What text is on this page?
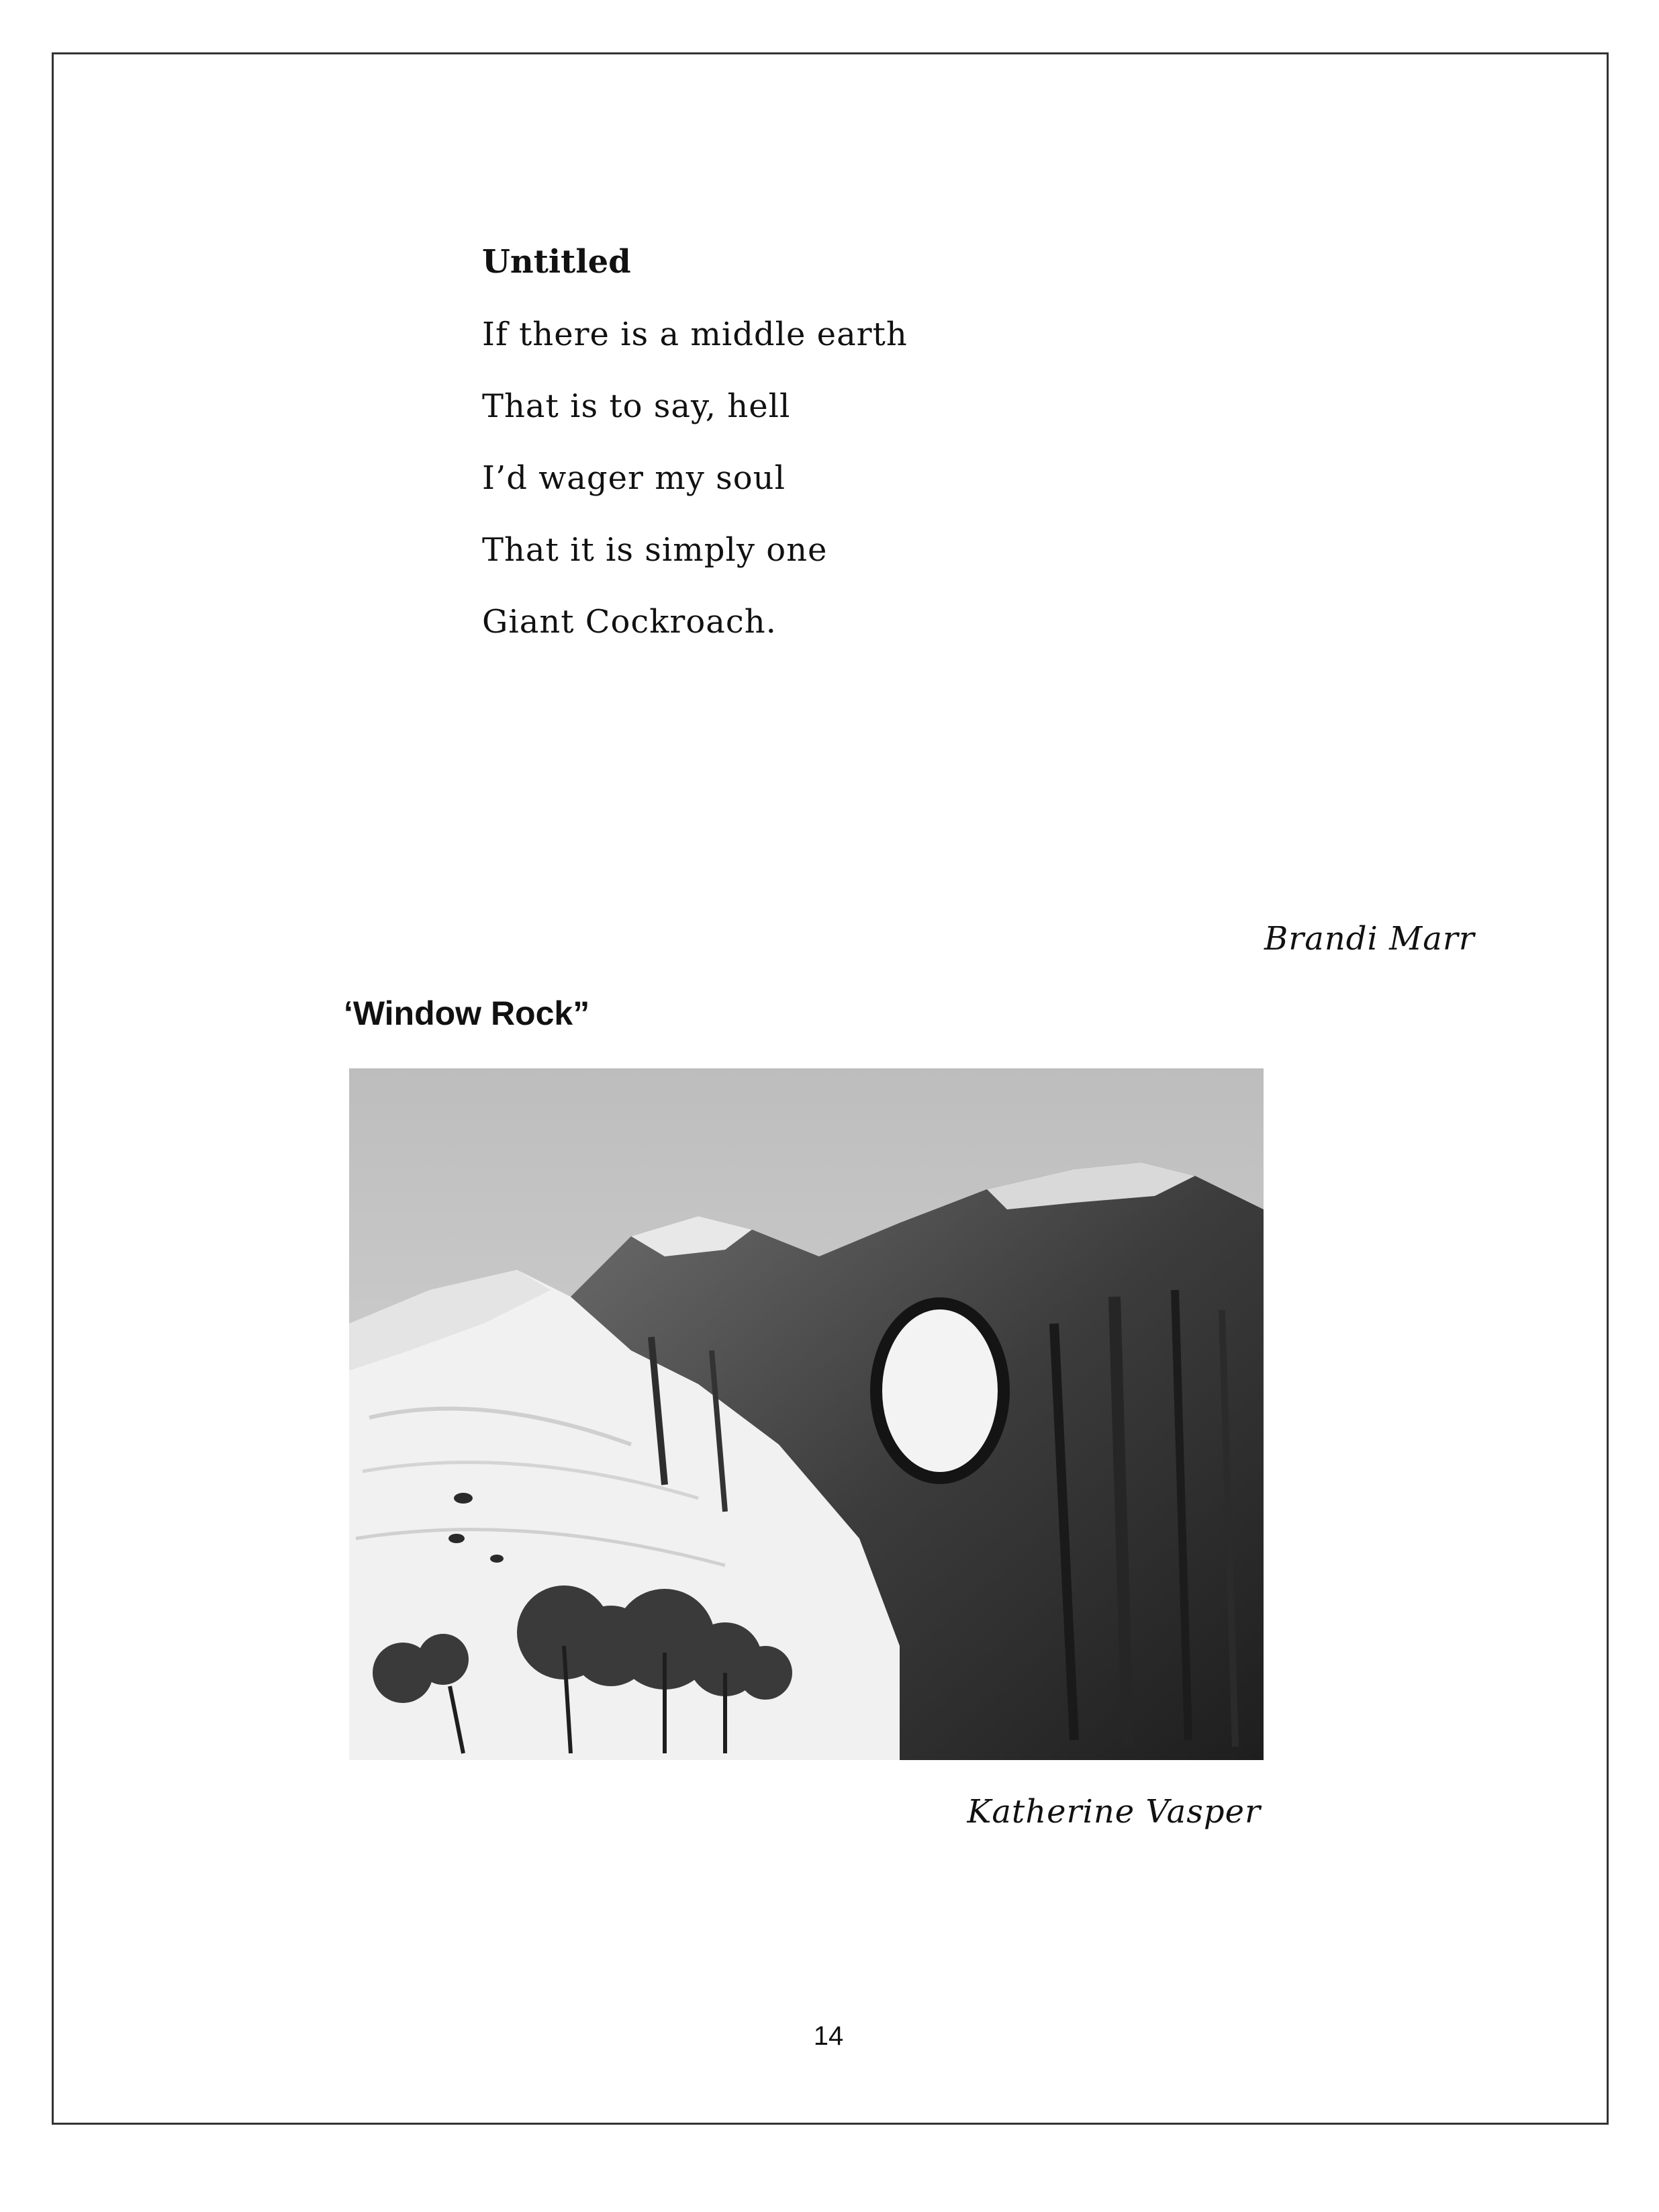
Untitled
If there is a middle earth
That is to say, hell
I’d wager my soul
That it is simply one
Giant Cockroach.
Brandi Marr
ʻWindow Rock”
Katherine Vasper
14
